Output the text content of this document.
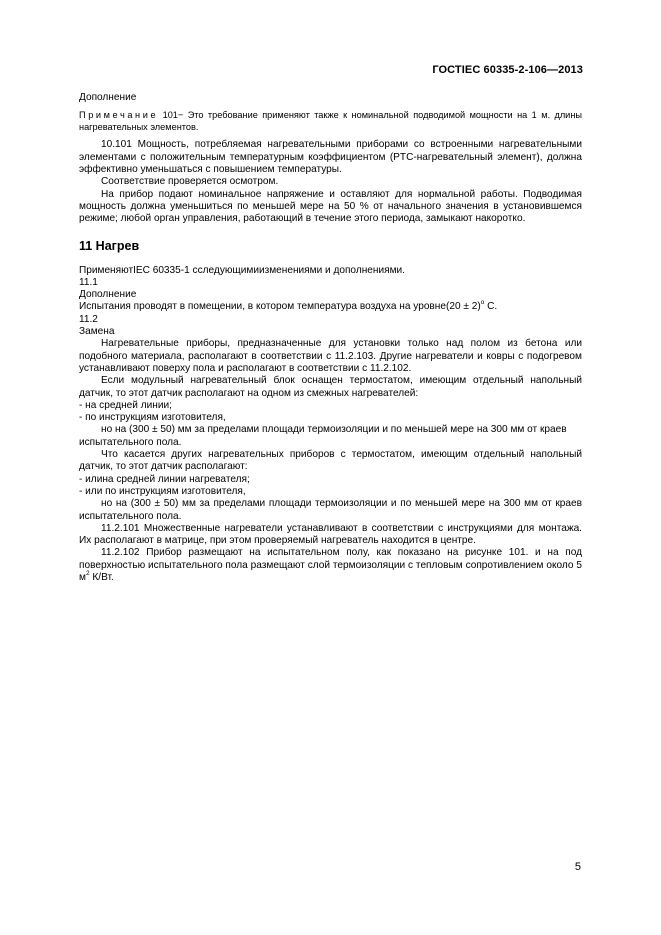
ГОСТIEC 60335-2-106—2013

Дополнение

Примечание 101− Это требование применяют также к номинальной подводимой мощности на 1 м. длины нагревательных элементов.

10.101 Мощность, потребляемая нагревательными приборами со встроенными нагревательными элементами с положительным температурным коэффициентом (PTC-нагревательный элемент), должна эффективно уменьшаться с повышением температуры.

Соответствие проверяется осмотром.

На прибор подают номинальное напряжение и оставляют для нормальной работы. Подводимая мощность должна уменьшиться по меньшей мере на 50 % от начального значения в установившемся режиме; любой орган управления, работающий в течение этого периода, замыкают накоротко.

11 Нагрев

ПрименяютIEC 60335-1 сследующимиизменениями и дополнениями.

11.1

Дополнение

Испытания проводят в помещении, в котором температура воздуха на уровне(20 ± 2)$^o$ C.

11.2

Замена

Нагревательные приборы, предназначенные для установки только над полом из бетона или подобного материала, располагают в соответствии с 11.2.103. Другие нагреватели и ковры с подогревом устанавливают поверху пола и располагают в соответствии с 11.2.102.

Если модульный нагревательный блок оснащен термостатом, имеющим отдельный напольный датчик, то этот датчик располагают на одном из смежных нагревателей:

- на средней линии;

- по инструкциям изготовителя,

но на (300 ± 50) мм за пределами площади термоизоляции и по меньшей мере на 300 мм от краев испытательного пола.

Что касается других нагревательных приборов с термостатом, имеющим отдельный напольный датчик, то этот датчик располагают:

- илина средней линии нагревателя;

- или по инструкциям изготовителя,

но на (300 ± 50) мм за пределами площади термоизоляции и по меньшей мере на 300 мм от краев испытательного пола.

11.2.101 Множественные нагреватели устанавливают в соответствии с инструкциями для монтажа. Их располагают в матрице, при этом проверяемый нагреватель находится в центре.

11.2.102 Прибор размещают на испытательном полу, как показано на рисунке 101. и на под поверхностью испытательного пола размещают слой термоизоляции с тепловым сопротивлением около 5 $м^2$ К/Вт.

5
